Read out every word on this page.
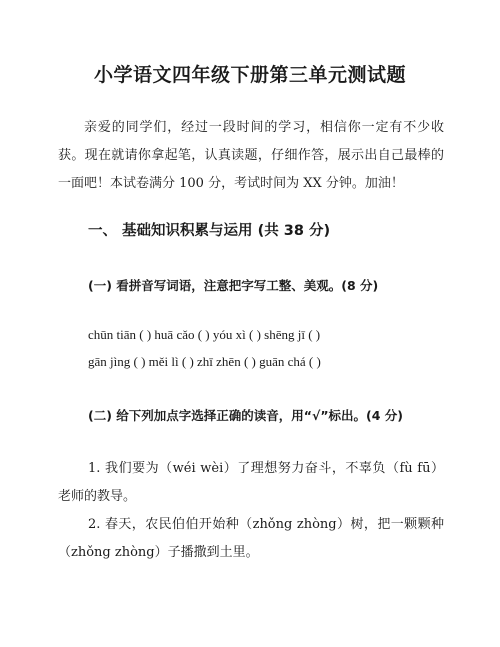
小学语文四年级下册第三单元测试题
亲爱的同学们，经过一段时间的学习，相信你一定有不少收获。现在就请你拿起笔，认真读题，仔细作答，展示出自己最棒的一面吧！本试卷满分 100 分，考试时间为 XX 分钟。加油！
一、 基础知识积累与运用 (共 38 分)
(一) 看拼音写词语，注意把字写工整、美观。(8 分)
chūn tiān ( ) huā cǎo ( ) yóu xì ( ) shēng jī ( )
gān jìng ( ) měi lì ( ) zhī zhēn ( ) guān chá ( )
(二) 给下列加点字选择正确的读音，用“√”标出。(4 分)
1. 我们要为（wéi wèi）了理想努力奋斗，不辜负（fù fū）老师的教导。
2. 春天，农民伯伯开始种（zhǒng zhòng）树，把一颗颗种（zhǒng zhòng）子播撒到土里。
